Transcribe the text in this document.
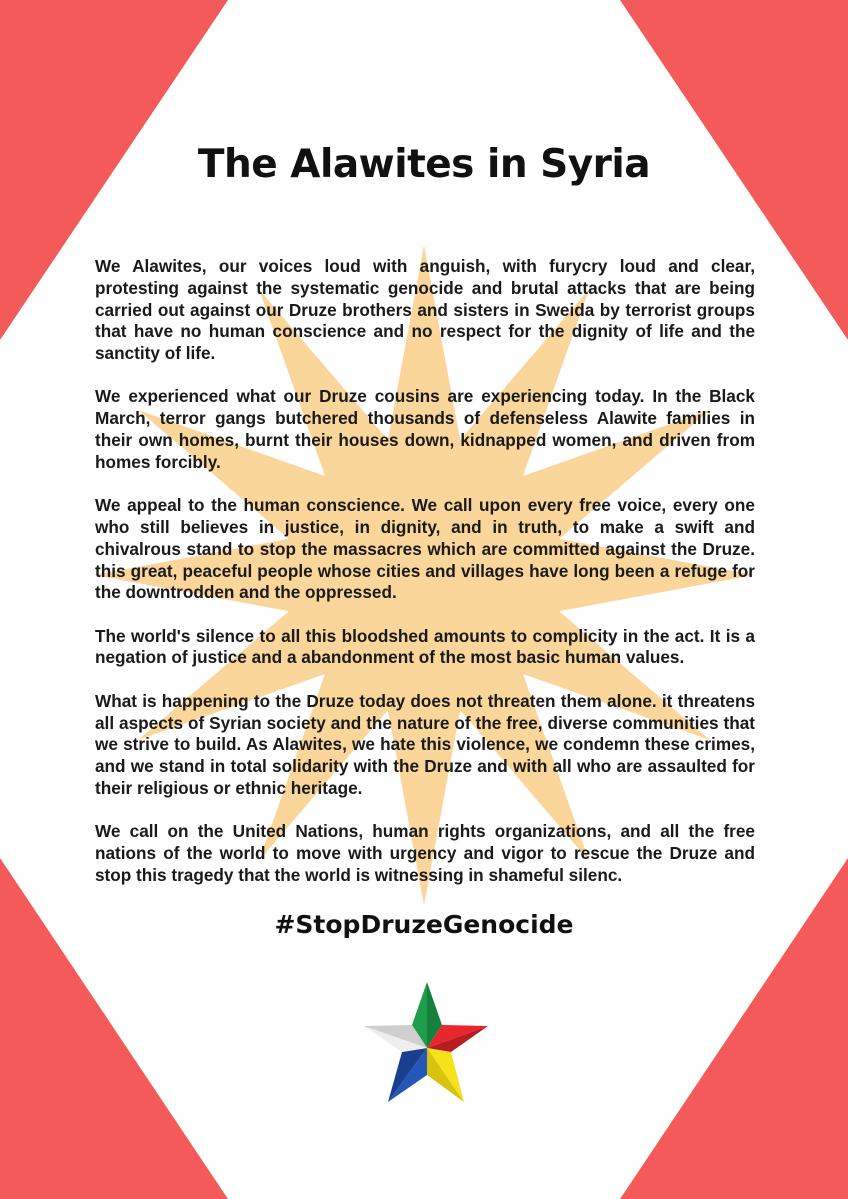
The Alawites in Syria

We Alawites, our voices loud with anguish, with furycry loud and clear, protesting against the systematic genocide and brutal attacks that are being carried out against our Druze brothers and sisters in Sweida by terrorist groups that have no human conscience and no respect for the dignity of life and the sanctity of life.

We experienced what our Druze cousins are experiencing today. In the Black March, terror gangs butchered thousands of defenseless Alawite families in their own homes, burnt their houses down, kidnapped women, and driven from homes forcibly.

We appeal to the human conscience. We call upon every free voice, every one who still believes in justice, in dignity, and in truth, to make a swift and chivalrous stand to stop the massacres which are committed against the Druze. this great, peaceful people whose cities and villages have long been a refuge for the downtrodden and the oppressed.

The world's silence to all this bloodshed amounts to complicity in the act. It is a negation of justice and a abandonment of the most basic human values.

What is happening to the Druze today does not threaten them alone. it threatens all aspects of Syrian society and the nature of the free, diverse communities that we strive to build. As Alawites, we hate this violence, we condemn these crimes, and we stand in total solidarity with the Druze and with all who are assaulted for their religious or ethnic heritage.

We call on the United Nations, human rights organizations, and all the free nations of the world to move with urgency and vigor to rescue the Druze and stop this tragedy that the world is witnessing in shameful silenc.

#StopDruzeGenocide
